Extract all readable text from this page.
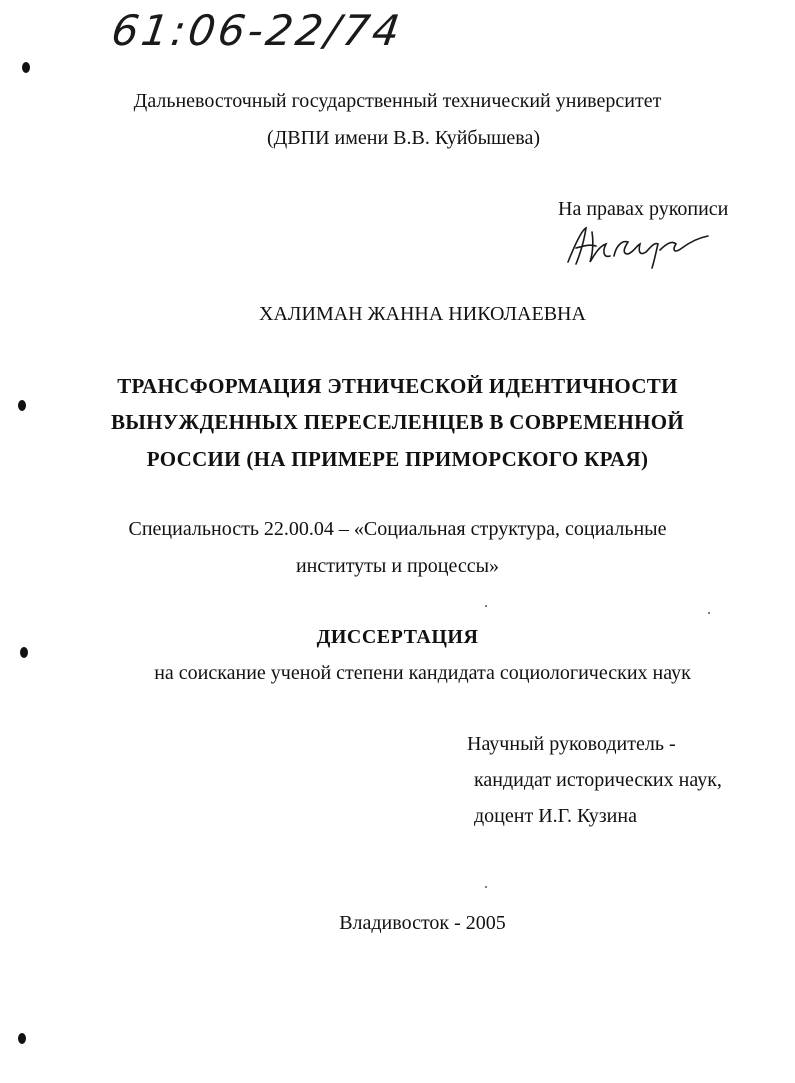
61:06-22/74
Дальневосточный государственный технический университет
(ДВПИ имени В.В. Куйбышева)
На правах рукописи
ХАЛИМАН ЖАННА НИКОЛАЕВНА
ТРАНСФОРМАЦИЯ ЭТНИЧЕСКОЙ ИДЕНТИЧНОСТИ
ВЫНУЖДЕННЫХ ПЕРЕСЕЛЕНЦЕВ В СОВРЕМЕННОЙ
РОССИИ (НА ПРИМЕРЕ ПРИМОРСКОГО КРАЯ)
Специальность 22.00.04 – «Социальная структура, социальные
институты и процессы»
ДИССЕРТАЦИЯ
на соискание ученой степени кандидата социологических наук
Научный руководитель -
кандидат исторических наук,
доцент И.Г. Кузина
Владивосток - 2005
